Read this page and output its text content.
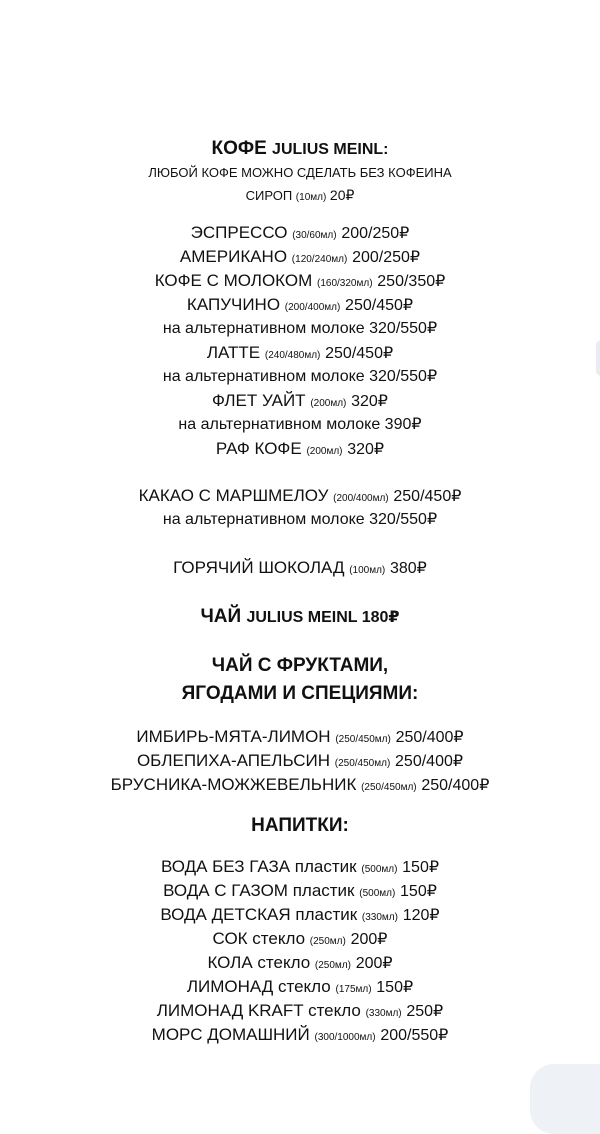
КОФЕ JULIUS MEINL:
ЛЮБОЙ КОФЕ МОЖНО СДЕЛАТЬ БЕЗ КОФЕИНА
СИРОП (10мл) 20₽
ЭСПРЕССО (30/60мл) 200/250₽
АМЕРИКАНО (120/240мл) 200/250₽
КОФЕ С МОЛОКОМ (160/320мл) 250/350₽
КАПУЧИНО (200/400мл) 250/450₽
на альтернативном молоке 320/550₽
ЛАТТЕ (240/480мл) 250/450₽
на альтернативном молоке 320/550₽
ФЛЕТ УАЙТ (200мл) 320₽
на альтернативном молоке 390₽
РАФ КОФЕ (200мл) 320₽
КАКАО С МАРШМЕЛОУ (200/400мл) 250/450₽
на альтернативном молоке 320/550₽
ГОРЯЧИЙ ШОКОЛАД (100мл) 380₽
ЧАЙ JULIUS MEINL 180₽
ЧАЙ С ФРУКТАМИ,
ЯГОДАМИ И СПЕЦИЯМИ:
ИМБИРЬ-МЯТА-ЛИМОН (250/450мл) 250/400₽
ОБЛЕПИХА-АПЕЛЬСИН (250/450мл) 250/400₽
БРУСНИКА-МОЖЖЕВЕЛЬНИК (250/450мл) 250/400₽
НАПИТКИ:
ВОДА БЕЗ ГАЗА пластик (500мл) 150₽
ВОДА С ГАЗОМ пластик (500мл) 150₽
ВОДА ДЕТСКАЯ пластик (330мл) 120₽
СОК стекло (250мл) 200₽
КОЛА стекло (250мл) 200₽
ЛИМОНАД стекло (175мл) 150₽
ЛИМОНАД KRAFT стекло (330мл) 250₽
МОРС ДОМАШНИЙ (300/1000мл) 200/550₽
